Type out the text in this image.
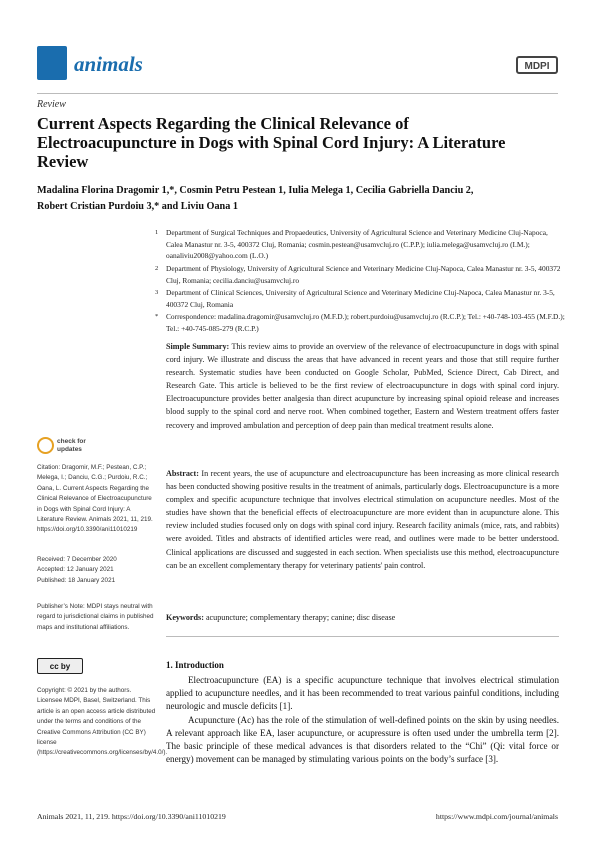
animals	MDPI
Review
Current Aspects Regarding the Clinical Relevance of Electroacupuncture in Dogs with Spinal Cord Injury: A Literature Review
Madalina Florina Dragomir 1,*, Cosmin Petru Pestean 1, Iulia Melega 1, Cecilia Gabriella Danciu 2,
Robert Cristian Purdoiu 3,* and Liviu Oana 1
1 Department of Surgical Techniques and Propaedeutics, University of Agricultural Science and Veterinary Medicine Cluj-Napoca, Calea Manastur nr. 3-5, 400372 Cluj, Romania; cosmin.pestean@usamvcluj.ro (C.P.P.); iulia.melega@usamvcluj.ro (I.M.); oanaliviu2008@yahoo.com (L.O.)
2 Department of Physiology, University of Agricultural Science and Veterinary Medicine Cluj-Napoca, Calea Manastur nr. 3-5, 400372 Cluj, Romania; cecilia.danciu@usamvcluj.ro
3 Department of Clinical Sciences, University of Agricultural Science and Veterinary Medicine Cluj-Napoca, Calea Manastur nr. 3-5, 400372 Cluj, Romania
* Correspondence: madalina.dragomir@usamvcluj.ro (M.F.D.); robert.purdoiu@usamvcluj.ro (R.C.P.); Tel.: +40-748-103-455 (M.F.D.); Tel.: +40-745-085-279 (R.C.P.)
Simple Summary: This review aims to provide an overview of the relevance of electroacupuncture in dogs with spinal cord injury. We illustrate and discuss the areas that have advanced in recent years and those that still require further research. Systematic studies have been conducted on Google Scholar, PubMed, Science Direct, Cab Direct, and Research Gate. This article is believed to be the first review of electroacupuncture in dogs with spinal cord injury. Electroacupuncture provides better analgesia than direct acupuncture by increasing spinal opioid release and increases blood supply to the spinal cord and nerve root. When combined together, Eastern and Western treatment offers faster recovery and improved ambulation and perception of deep pain than medical treatment results alone.
Abstract: In recent years, the use of acupuncture and electroacupuncture has been increasing as more clinical research has been conducted showing positive results in the treatment of animals, particularly dogs. Electroacupuncture is a more complex and specific acupuncture technique that involves electrical stimulation on acupuncture needles. Most of the studies have shown that the beneficial effects of electroacupuncture are more evident than in acupuncture alone. This review included studies focused only on dogs with spinal cord injury. Research facility animals (mice, rats, and rabbits) were avoided. Titles and abstracts of identified articles were read, and outlines were made to be better understood. Clinical applications are discussed and suggested in each section. When specialists use this method, electroacupuncture can be an excellent complementary therapy for veterinary patients' pain control.
Keywords: acupuncture; complementary therapy; canine; disc disease
1. Introduction
Electroacupuncture (EA) is a specific acupuncture technique that involves electrical stimulation applied to acupuncture needles, and it has been recommended to treat various painful conditions, including neurologic and muscle deficits [1].
Acupuncture (Ac) has the role of the stimulation of well-defined points on the skin by using needles. A relevant approach like EA, laser acupuncture, or acupressure is often used under the umbrella term [2]. The basic principle of these medical advances is that disorders related to the “Chi” (Qi: vital force or energy) movement can be managed by stimulating various points on the body’s surface [3].
check for
updates
Citation: Dragomir, M.F.; Pestean, C.P.; Melega, I.; Danciu, C.G.; Purdoiu, R.C.; Oana, L. Current Aspects Regarding the Clinical Relevance of Electroacupuncture in Dogs with Spinal Cord Injury: A Literature Review. Animals 2021, 11, 219. https://doi.org/10.3390/ani11010219
Received: 7 December 2020
Accepted: 12 January 2021
Published: 18 January 2021
Publisher’s Note: MDPI stays neutral with regard to jurisdictional claims in published maps and institutional affiliations.
cc by
Copyright: © 2021 by the authors. Licensee MDPI, Basel, Switzerland. This article is an open access article distributed under the terms and conditions of the Creative Commons Attribution (CC BY) license (https://creativecommons.org/licenses/by/4.0/).
Animals 2021, 11, 219. https://doi.org/10.3390/ani11010219	https://www.mdpi.com/journal/animals
